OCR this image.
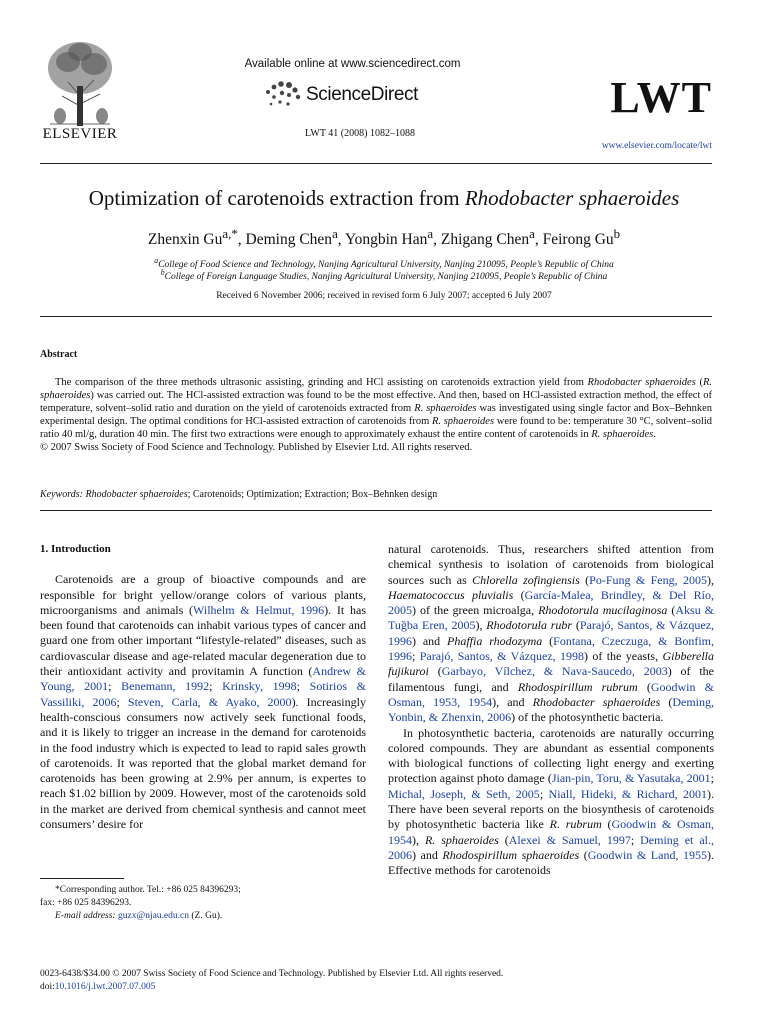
ELSEVIER
Available online at www.sciencedirect.com
ScienceDirect
LWT 41 (2008) 1082–1088
LWT
www.elsevier.com/locate/lwt
Optimization of carotenoids extraction from Rhodobacter sphaeroides
Zhenxin $Gu^{a,*}$, Deming Chen$^a$, Yongbin Han$^a$, Zhigang Chen$^a$, Feirong Gu$^b$
$^a$College of Food Science and Technology, Nanjing Agricultural University, Nanjing 210095, People’s Republic of China
$^b$College of Foreign Language Studies, Nanjing Agricultural University, Nanjing 210095, People’s Republic of China
Received 6 November 2006; received in revised form 6 July 2007; accepted 6 July 2007
Abstract

The comparison of the three methods ultrasonic assisting, grinding and HCl assisting on carotenoids extraction yield from Rhodobacter sphaeroides (R. sphaeroides) was carried out. The HCl-assisted extraction was found to be the most effective. And then, based on HCl-assisted extraction method, the effect of temperature, solvent–solid ratio and duration on the yield of carotenoids extracted from R. sphaeroides was investigated using single factor and Box–Behnken experimental design. The optimal conditions for HCl-assisted extraction of carotenoids from R. sphaeroides were found to be: temperature 30 °C, solvent–solid ratio 40 ml/g, duration 40 min. The first two extractions were enough to approximately exhaust the entire content of carotenoids in R. sphaeroides.

© 2007 Swiss Society of Food Science and Technology. Published by Elsevier Ltd. All rights reserved.

Keywords: Rhodobacter sphaeroides; Carotenoids; Optimization; Extraction; Box–Behnken design

1. Introduction

Carotenoids are a group of bioactive compounds and are responsible for bright yellow/orange colors of various plants, microorganisms and animals (Wilhelm & Helmut, 1996). It has been found that carotenoids can inhabit various types of cancer and guard one from other important “lifestyle-related” diseases, such as cardiovascular disease and age-related macular degeneration due to their antioxidant activity and provitamin A function (Andrew & Young, 2001; Benemann, 1992; Krinsky, 1998; Sotirios & Vassiliki, 2006; Steven, Carla, & Ayako, 2000). Increasingly health-conscious consumers now actively seek functional foods, and it is likely to trigger an increase in the demand for carotenoids in the food industry which is expected to lead to rapid sales growth of carotenoids. It was reported that the global market demand for carotenoids has been growing at 2.9% per annum, is expertes to reach $1.02 billion by 2009. However, most of the carotenoids sold in the market are derived from chemical synthesis and cannot meet consumers’ desire for

natural carotenoids. Thus, researchers shifted attention from chemical synthesis to isolation of carotenoids from biological sources such as Chlorella zofingiensis (Po-Fung & Feng, 2005), Haematococcus pluvialis (García-Malea, Brindley, & Del Río, 2005) of the green microalga, Rhodotorula mucilaginosa (Aksu & Tuğba Eren, 2005), Rhodotorula rubr (Parajó, Santos, & Vázquez, 1996) and Phaffia rhodozyma (Fontana, Czeczuga, & Bonfim, 1996; Parajó, Santos, & Vázquez, 1998) of the yeasts, Gibberella fujikuroi (Garbayo, Vílchez, & Nava-Saucedo, 2003) of the filamentous fungi, and Rhodospirillum rubrum (Goodwin & Osman, 1953, 1954), and Rhodobacter sphaeroides (Deming, Yonbin, & Zhenxin, 2006) of the photosynthetic bacteria.

In photosynthetic bacteria, carotenoids are naturally occurring colored compounds. They are abundant as essential components with biological functions of collecting light energy and exerting protection against photo damage (Jian-pin, Toru, & Yasutaka, 2001; Michal, Joseph, & Seth, 2005; Niall, Hideki, & Richard, 2001). There have been several reports on the biosynthesis of carotenoids by photosynthetic bacteria like R. rubrum (Goodwin & Osman, 1954), R. sphaeroides (Alexei & Samuel, 1997; Deming et al., 2006) and Rhodospirillum sphaeroides (Goodwin & Land, 1955). Effective methods for carotenoids

*Corresponding author. Tel.: +86 025 84396293;

fax: +86 025 84396293.

E-mail address: guzx@njau.edu.cn (Z. Gu).

0023-6438/$34.00 © 2007 Swiss Society of Food Science and Technology. Published by Elsevier Ltd. All rights reserved.

doi:10.1016/j.lwt.2007.07.005
